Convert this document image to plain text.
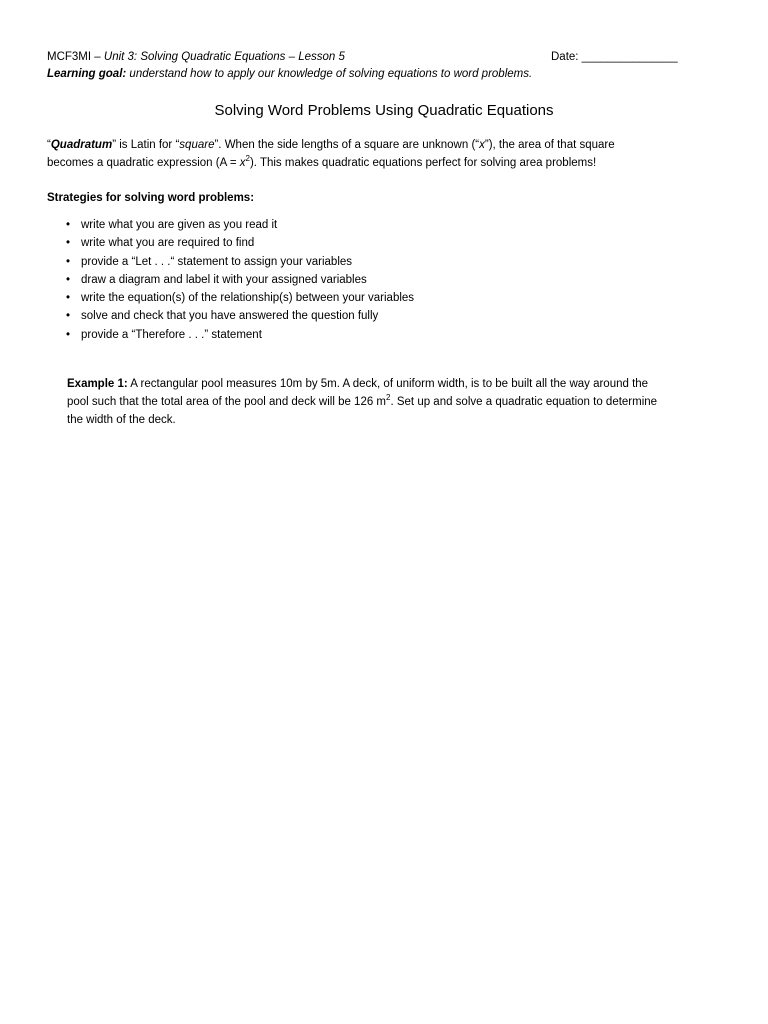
MCF3MI – Unit 3: Solving Quadratic Equations – Lesson 5	Date: _______________
Learning goal: understand how to apply our knowledge of solving equations to word problems.
Solving Word Problems Using Quadratic Equations
“Quadratum” is Latin for “square”. When the side lengths of a square are unknown (“x”), the area of that square
becomes a quadratic expression $(A = x^2)$. This makes quadratic equations perfect for solving area problems!
Strategies for solving word problems:
• write what you are given as you read it
• write what you are required to find
• provide a “Let . . .“ statement to assign your variables
• draw a diagram and label it with your assigned variables
• write the equation(s) of the relationship(s) between your variables
• solve and check that you have answered the question fully
• provide a “Therefore . . .” statement
Example 1: A rectangular pool measures 10m by 5m. A deck, of uniform width, is to be built all the way around the
pool such that the total area of the pool and deck will be 126 $m^2$. Set up and solve a quadratic equation to determine
the width of the deck.
